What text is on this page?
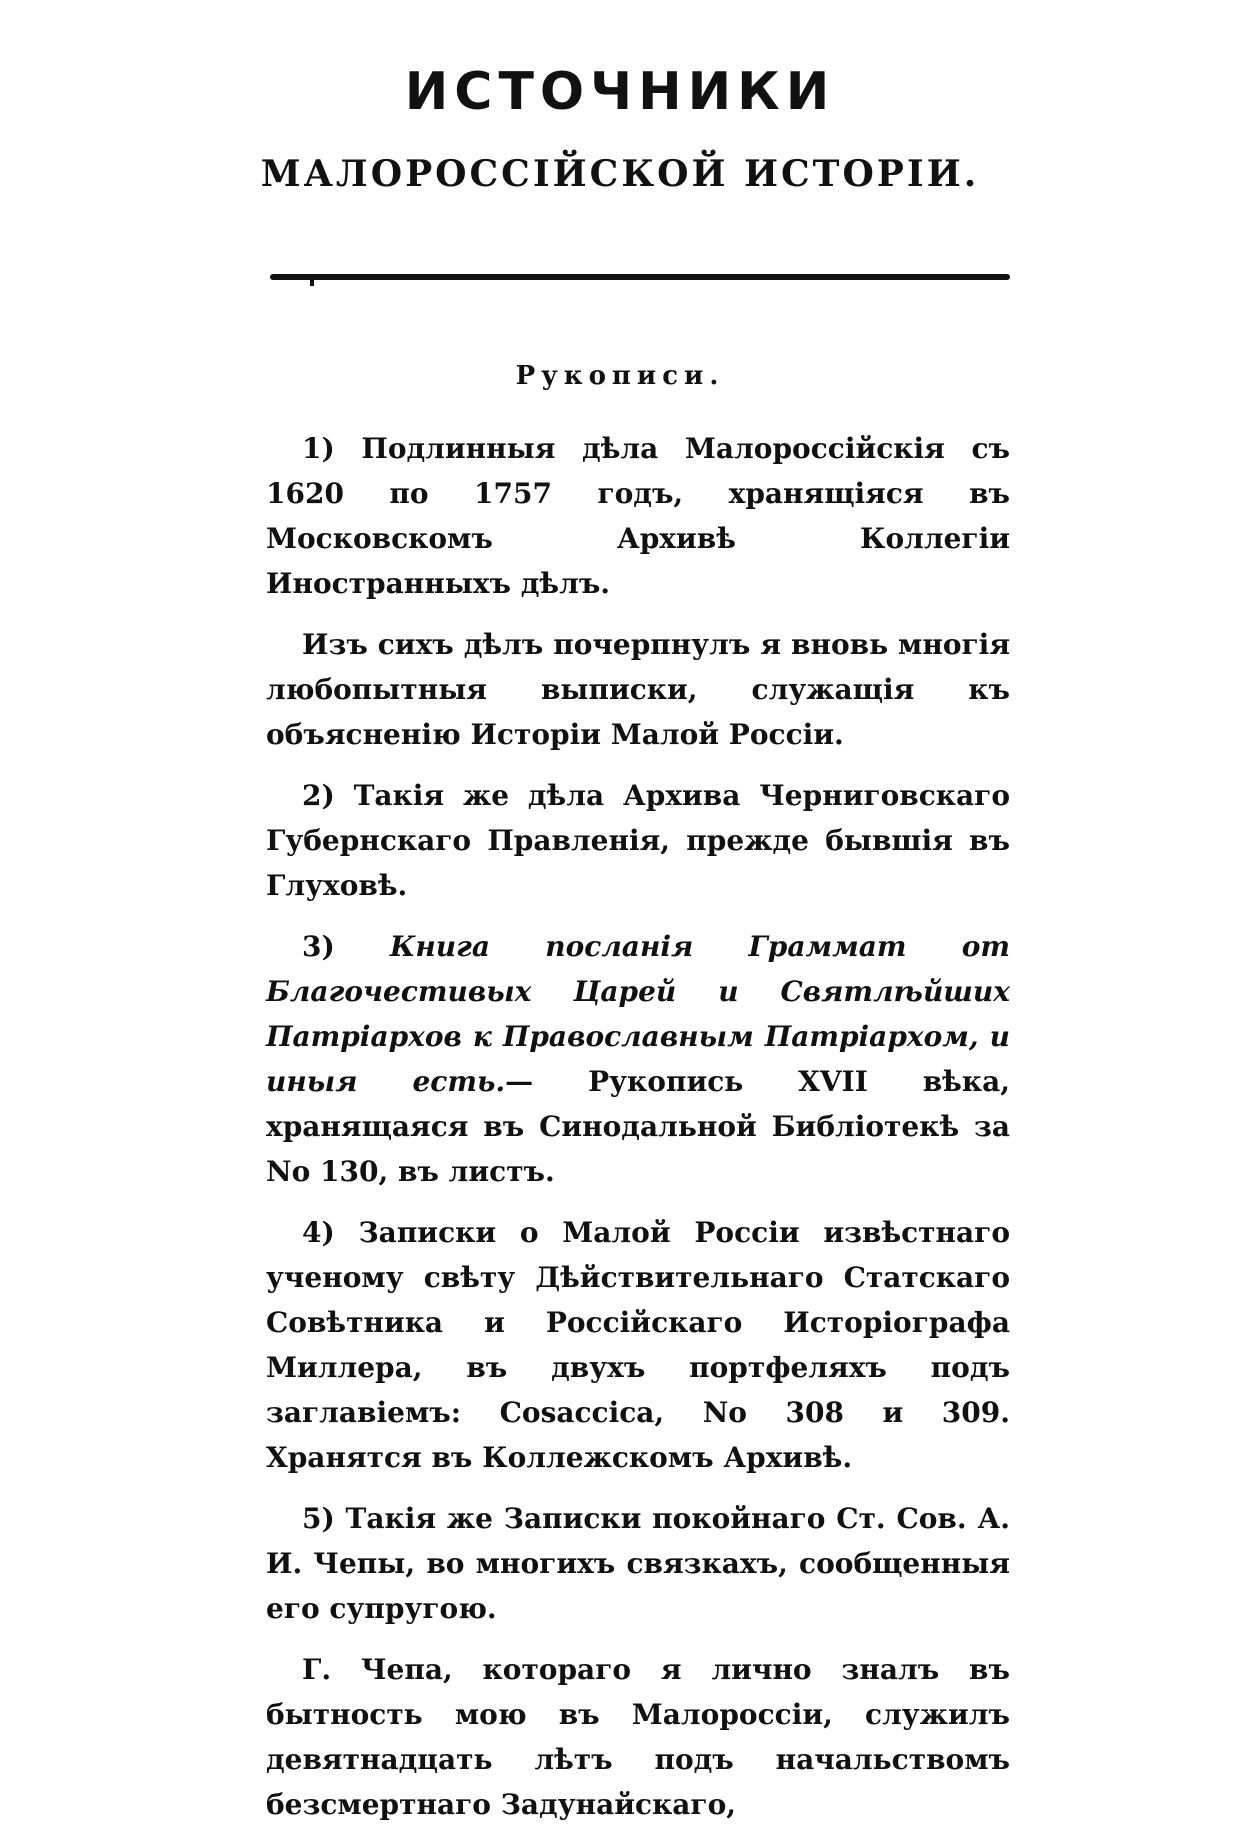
ИСТОЧНИКИ
МАЛОРОССІЙСКОЙ ИСТОРІИ.
Рукописи.

1) Подлинныя дѣла Малороссійскія съ 1620 по 1757 годъ, хранящіяся въ Московскомъ Архивѣ Коллегіи Иностранныхъ дѣлъ.

Изъ сихъ дѣлъ почерпнулъ я вновь многія любопытныя выписки, служащія къ объясненію Исторіи Малой Россіи.

2) Такія же дѣла Архива Черниговскаго Губернскаго Правленія, прежде бывшія въ Глуховѣ.

3) Книга посланія Граммат от Благочестивых Царей и Святлѣйших Патріархов к Православным Патріархом, и иныя есть.— Рукопись XVII вѣка, хранящаяся въ Синодальной Библіотекѣ за No 130, въ листъ.

4) Записки о Малой Россіи извѣстнаго ученому свѣту Дѣйствительнаго Статскаго Совѣтника и Россійскаго Исторіографа Миллера, въ двухъ портфеляхъ подъ заглавіемъ: Cosaccica, No 308 и 309. Хранятся въ Коллежскомъ Архивѣ.

5) Такія же Записки покойнаго Ст. Сов. А. И. Чепы, во многихъ связкахъ, сообщенныя его супругою.

Г. Чепа, котораго я лично зналъ въ бытность мою въ Малороссіи, служилъ девятнадцать лѣтъ подъ начальствомъ безсмертнаго Задунайскаго,
